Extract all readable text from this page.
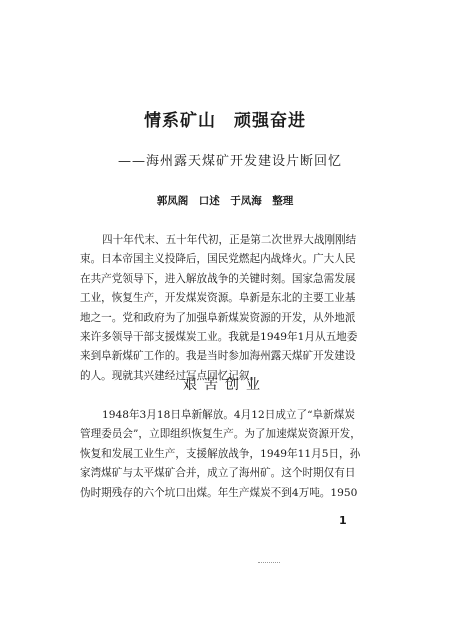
情系矿山　顽强奋进
——海州露天煤矿开发建设片断回忆
郭凤阁　口述　于凤海　整理
四十年代末、五十年代初，正是第二次世界大战刚刚结
束。日本帝国主义投降后，国民党燃起内战烽火。广大人民
在共产党领导下，进入解放战争的关键时刻。国家急需发展
工业，恢复生产，开发煤炭资源。阜新是东北的主要工业基
地之一。党和政府为了加强阜新煤炭资源的开发，从外地派
来许多领导干部支援煤炭工业。我就是1949年1月从五地委
来到阜新煤矿工作的。我是当时参加海州露天煤矿开发建设
的人。现就其兴建经过写点回忆记叙。
艰苦创业
1948年3月18日阜新解放。4月12日成立了“阜新煤炭
管理委员会”，立即组织恢复生产。为了加速煤炭资源开发，
恢复和发展工业生产，支援解放战争，1949年11月5日，孙
家湾煤矿与太平煤矿合并，成立了海州矿。这个时期仅有日
伪时期残存的六个坑口出煤。年生产煤炭不到4万吨。1950
1
